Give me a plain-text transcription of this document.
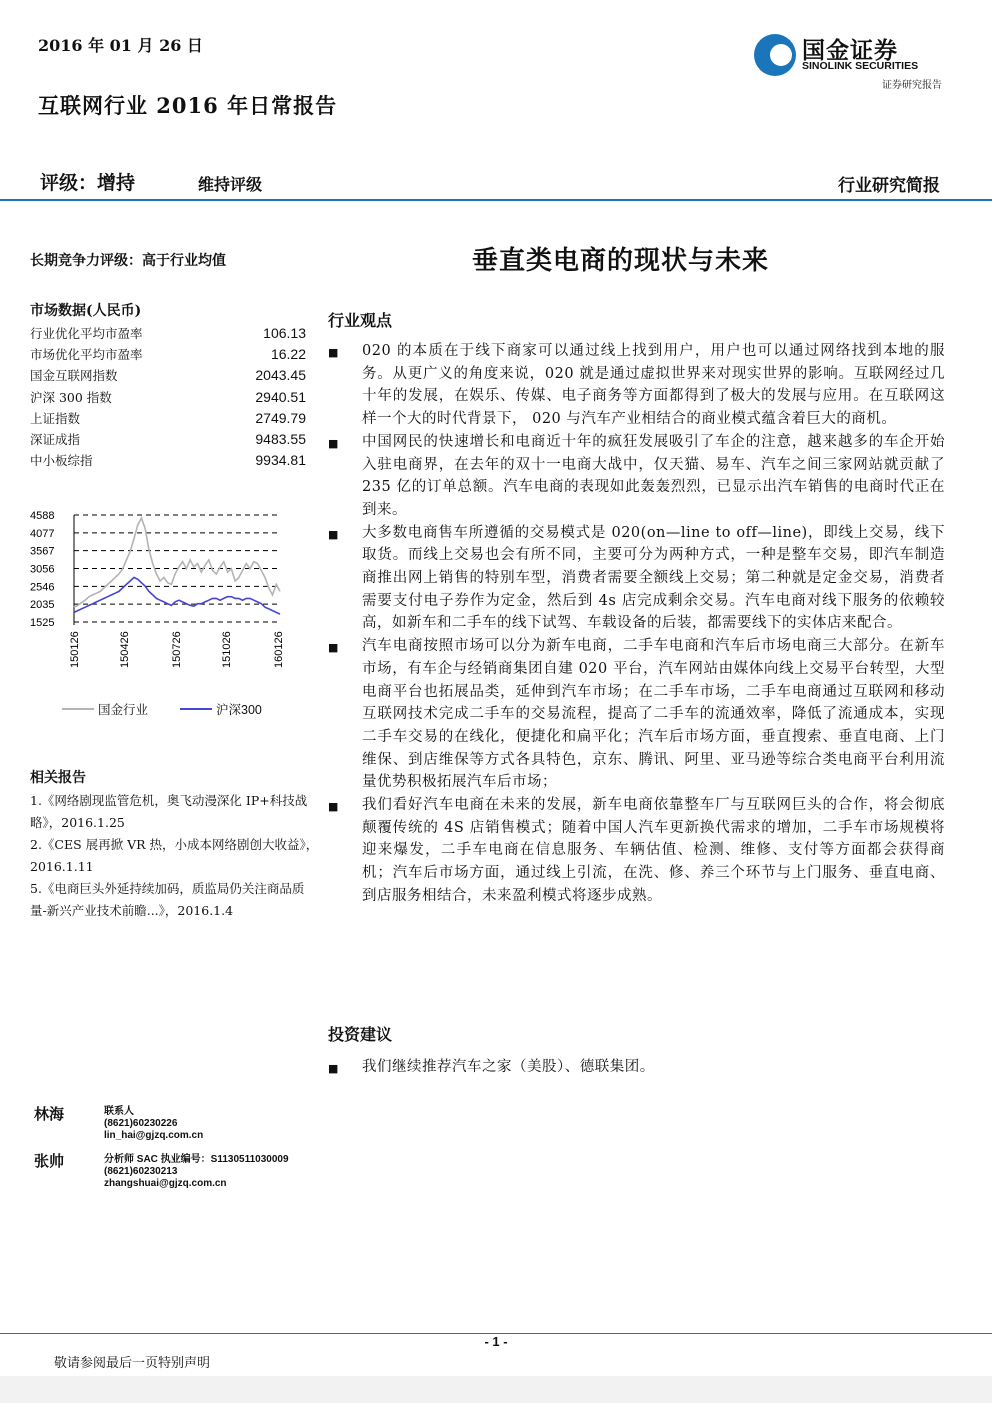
2016 年 01 月 26 日
互联网行业 2016 年日常报告
国金证券
SINOLINK SECURITIES
证券研究报告
评级：增持	维持评级	行业研究简报
长期竞争力评级：高于行业均值	垂直类电商的现状与未来
市场数据(人民币)
行业优化平均市盈率	106.13
市场优化平均市盈率	16.22
国金互联网指数	2043.45
沪深 300 指数	2940.51
上证指数	2749.79
深证成指	9483.55
中小板综指	9934.81
4588
4077
3567
3056
2546
2035
1525
150126	150426	150726	151026	160126
国金行业	沪深300
相关报告
1.《网络剧现监管危机，奥飞动漫深化 IP+科技战略》，2016.1.25
2.《CES 展再掀 VR 热，小成本网络剧创大收益》，2016.1.11
5.《电商巨头外延持续加码，质监局仍关注商品质量-新兴产业技术前瞻...》，2016.1.4
行业观点
■	020 的本质在于线下商家可以通过线上找到用户，用户也可以通过网络找到本地的服务。从更广义的角度来说，020 就是通过虚拟世界来对现实世界的影响。互联网经过几十年的发展，在娱乐、传媒、电子商务等方面都得到了极大的发展与应用。在互联网这样一个大的时代背景下， 020 与汽车产业相结合的商业模式蕴含着巨大的商机。
■	中国网民的快速增长和电商近十年的疯狂发展吸引了车企的注意，越来越多的车企开始入驻电商界，在去年的双十一电商大战中，仅天猫、易车、汽车之间三家网站就贡献了 235 亿的订单总额。汽车电商的表现如此轰轰烈烈，已显示出汽车销售的电商时代正在到来。
■	大多数电商售车所遵循的交易模式是 020(on—line to off—line)，即线上交易，线下取货。而线上交易也会有所不同，主要可分为两种方式，一种是整车交易，即汽车制造商推出网上销售的特别车型，消费者需要全额线上交易；第二种就是定金交易，消费者需要支付电子券作为定金，然后到 4s 店完成剩余交易。汽车电商对线下服务的依赖较高，如新车和二手车的线下试驾、车载设备的后装，都需要线下的实体店来配合。
■	汽车电商按照市场可以分为新车电商，二手车电商和汽车后市场电商三大部分。在新车市场，有车企与经销商集团自建 020 平台，汽车网站由媒体向线上交易平台转型，大型电商平台也拓展品类，延伸到汽车市场；在二手车市场，二手车电商通过互联网和移动互联网技术完成二手车的交易流程，提高了二手车的流通效率，降低了流通成本，实现二手车交易的在线化，便捷化和扁平化；汽车后市场方面，垂直搜索、垂直电商、上门维保、到店维保等方式各具特色，京东、腾讯、阿里、亚马逊等综合类电商平台利用流量优势积极拓展汽车后市场；
■	我们看好汽车电商在未来的发展，新车电商依靠整车厂与互联网巨头的合作，将会彻底颠覆传统的 4S 店销售模式；随着中国人汽车更新换代需求的增加，二手车市场规模将迎来爆发，二手车电商在信息服务、车辆估值、检测、维修、支付等方面都会获得商机；汽车后市场方面，通过线上引流，在洗、修、养三个环节与上门服务、垂直电商、到店服务相结合，未来盈利模式将逐步成熟。
投资建议
■	我们继续推荐汽车之家（美股）、德联集团。
林海	联系人
(8621)60230226
lin_hai@gjzq.com.cn
张帅	分析师 SAC 执业编号：S1130511030009
(8621)60230213
zhangshuai@gjzq.com.cn
- 1 -
敬请参阅最后一页特别声明
